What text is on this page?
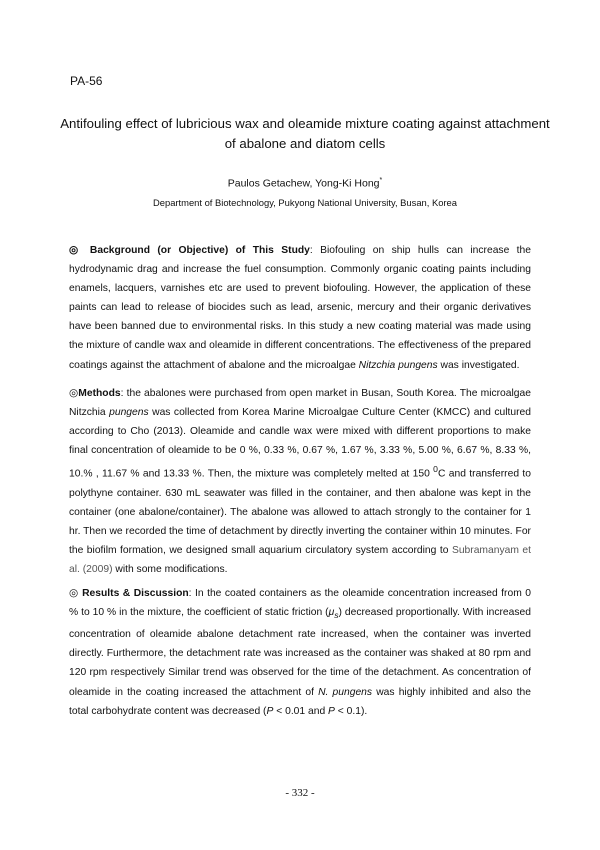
PA-56
Antifouling effect of lubricious wax and oleamide mixture coating against attachment
of abalone and diatom cells
Paulos Getachew, Yong-Ki Hong*
Department of Biotechnology, Pukyong National University, Busan, Korea

◎ Background (or Objective) of This Study: Biofouling on ship hulls can increase the hydrodynamic drag and increase the fuel consumption. Commonly organic coating paints including enamels, lacquers, varnishes etc are used to prevent biofouling. However, the application of these paints can lead to release of biocides such as lead, arsenic, mercury and their organic derivatives have been banned due to environmental risks. In this study a new coating material was made using the mixture of candle wax and oleamide in different concentrations. The effectiveness of the prepared coatings against the attachment of abalone and the microalgae Nitzchia pungens was investigated.

◎Methods: the abalones were purchased from open market in Busan, South Korea. The microalgae Nitzchia pungens was collected from Korea Marine Microalgae Culture Center (KMCC) and cultured according to Cho (2013). Oleamide and candle wax were mixed with different proportions to make final concentration of oleamide to be 0 %, 0.33 %, 0.67 %, 1.67 %, 3.33 %, 5.00 %, 6.67 %, 8.33 %, 10.% , 11.67 % and 13.33 %. Then, the mixture was completely melted at 150 $^0$C and transferred to polythyne container. 630 mL seawater was filled in the container, and then abalone was kept in the container (one abalone/container). The abalone was allowed to attach strongly to the container for 1 hr. Then we recorded the time of detachment by directly inverting the container within 10 minutes. For the biofilm formation, we designed small aquarium circulatory system according to Subramanyam et al. (2009) with some modifications.

◎ Results & Discussion: In the coated containers as the oleamide concentration increased from 0 % to 10 % in the mixture, the coefficient of static friction $(\mu_s)$ decreased proportionally. With increased concentration of oleamide abalone detachment rate increased, when the container was inverted directly. Furthermore, the detachment rate was increased as the container was shaked at 80 rpm and 120 rpm respectively Similar trend was observed for the time of the detachment. As concentration of oleamide in the coating increased the attachment of N. pungens was highly inhibited and also the total carbohydrate content was decreased (P < 0.01 and P < 0.1).

- 332 -
